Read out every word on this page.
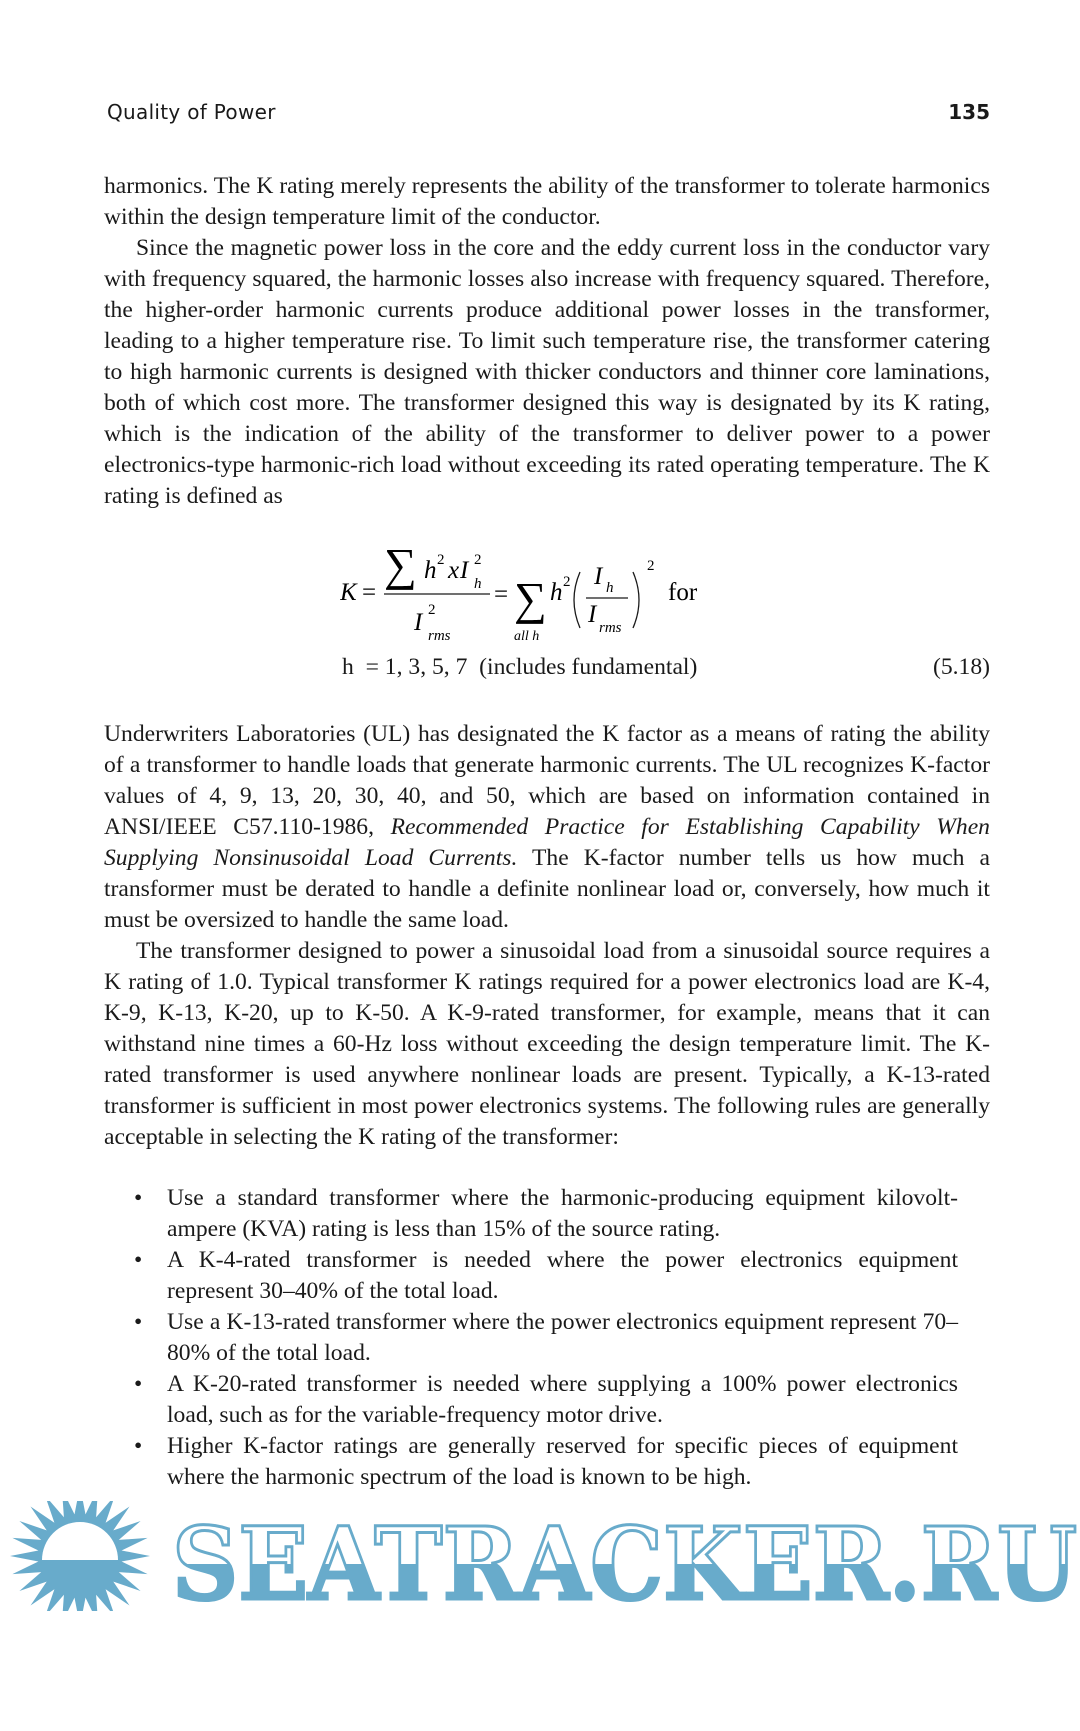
Quality of Power	135

harmonics. The K rating merely represents the ability of the transformer to tolerate harmonics within the design temperature limit of the conductor.

Since the magnetic power loss in the core and the eddy current loss in the conductor vary with frequency squared, the harmonic losses also increase with frequency squared. Therefore, the higher-order harmonic currents produce additional power losses in the transformer, leading to a higher temperature rise. To limit such temperature rise, the transformer catering to high harmonic currents is designed with thicker conductors and thinner core laminations, both of which cost more. The transformer designed this way is designated by its K rating, which is the indication of the ability of the transformer to deliver power to a power electronics-type harmonic-rich load without exceeding its rated operating temperature. The K rating is defined as

K =
∑ h 2 x I 2
h
I 2
rms
= ∑
all h
h 2 I h
I rms
2
for
h  = 1, 3, 5, 7  (includes fundamental)	(5.18)

Underwriters Laboratories (UL) has designated the K factor as a means of rating the ability of a transformer to handle loads that generate harmonic currents. The UL recognizes K-factor values of 4, 9, 13, 20, 30, 40, and 50, which are based on information contained in ANSI/IEEE C57.110-1986, Recommended Practice for Establishing Capability When Supplying Nonsinusoidal Load Currents. The K-factor number tells us how much a transformer must be derated to handle a definite nonlinear load or, conversely, how much it must be oversized to handle the same load.

The transformer designed to power a sinusoidal load from a sinusoidal source requires a K rating of 1.0. Typical transformer K ratings required for a power electronics load are K-4, K-9, K-13, K-20, up to K-50. A K-9-rated transformer, for example, means that it can withstand nine times a 60-Hz loss without exceeding the design temperature limit. The K-rated transformer is used anywhere nonlinear loads are present. Typically, a K-13-rated transformer is sufficient in most power electronics systems. The following rules are generally acceptable in selecting the K rating of the transformer:

• Use a standard transformer where the harmonic-producing equipment kilovolt-ampere (KVA) rating is less than 15% of the source rating.
• A K-4-rated transformer is needed where the power electronics equipment represent 30–40% of the total load.
• Use a K-13-rated transformer where the power electronics equipment represent 70–80% of the total load.
• A K-20-rated transformer is needed where supplying a 100% power electronics load, such as for the variable-frequency motor drive.
• Higher K-factor ratings are generally reserved for specific pieces of equipment where the harmonic spectrum of the load is known to be high.
SEATRACKER.RU
